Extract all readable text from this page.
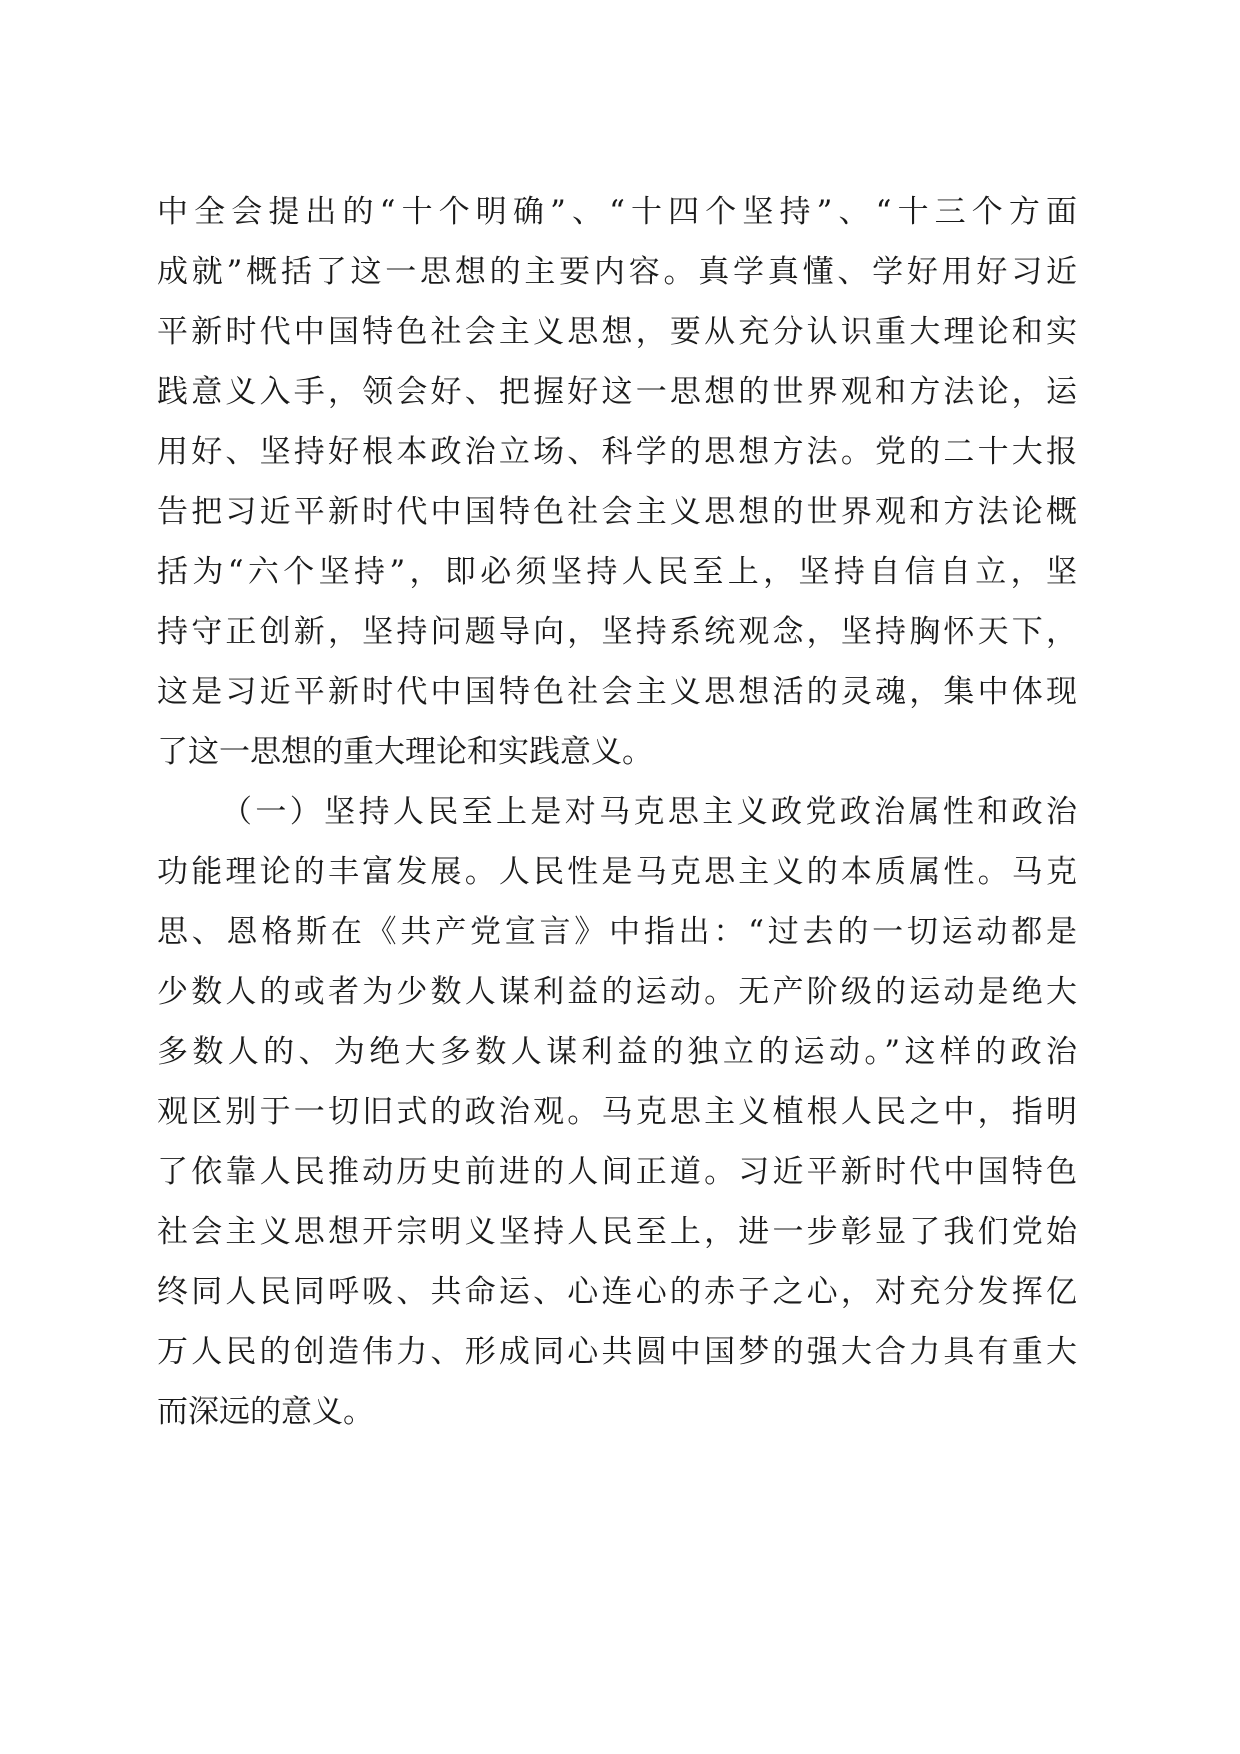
中全会提出的“十个明确”、“十四个坚持”、“十三个方面
成就”概括了这一思想的主要内容。真学真懂、学好用好习近
平新时代中国特色社会主义思想，要从充分认识重大理论和实
践意义入手，领会好、把握好这一思想的世界观和方法论，运
用好、坚持好根本政治立场、科学的思想方法。党的二十大报
告把习近平新时代中国特色社会主义思想的世界观和方法论概
括为“六个坚持”，即必须坚持人民至上，坚持自信自立，坚
持守正创新，坚持问题导向，坚持系统观念，坚持胸怀天下，
这是习近平新时代中国特色社会主义思想活的灵魂，集中体现
了这一思想的重大理论和实践意义。
（一）坚持人民至上是对马克思主义政党政治属性和政治
功能理论的丰富发展。人民性是马克思主义的本质属性。马克
思、恩格斯在《共产党宣言》中指出：“过去的一切运动都是
少数人的或者为少数人谋利益的运动。无产阶级的运动是绝大
多数人的、为绝大多数人谋利益的独立的运动。”这样的政治
观区别于一切旧式的政治观。马克思主义植根人民之中，指明
了依靠人民推动历史前进的人间正道。习近平新时代中国特色
社会主义思想开宗明义坚持人民至上，进一步彰显了我们党始
终同人民同呼吸、共命运、心连心的赤子之心，对充分发挥亿
万人民的创造伟力、形成同心共圆中国梦的强大合力具有重大
而深远的意义。
